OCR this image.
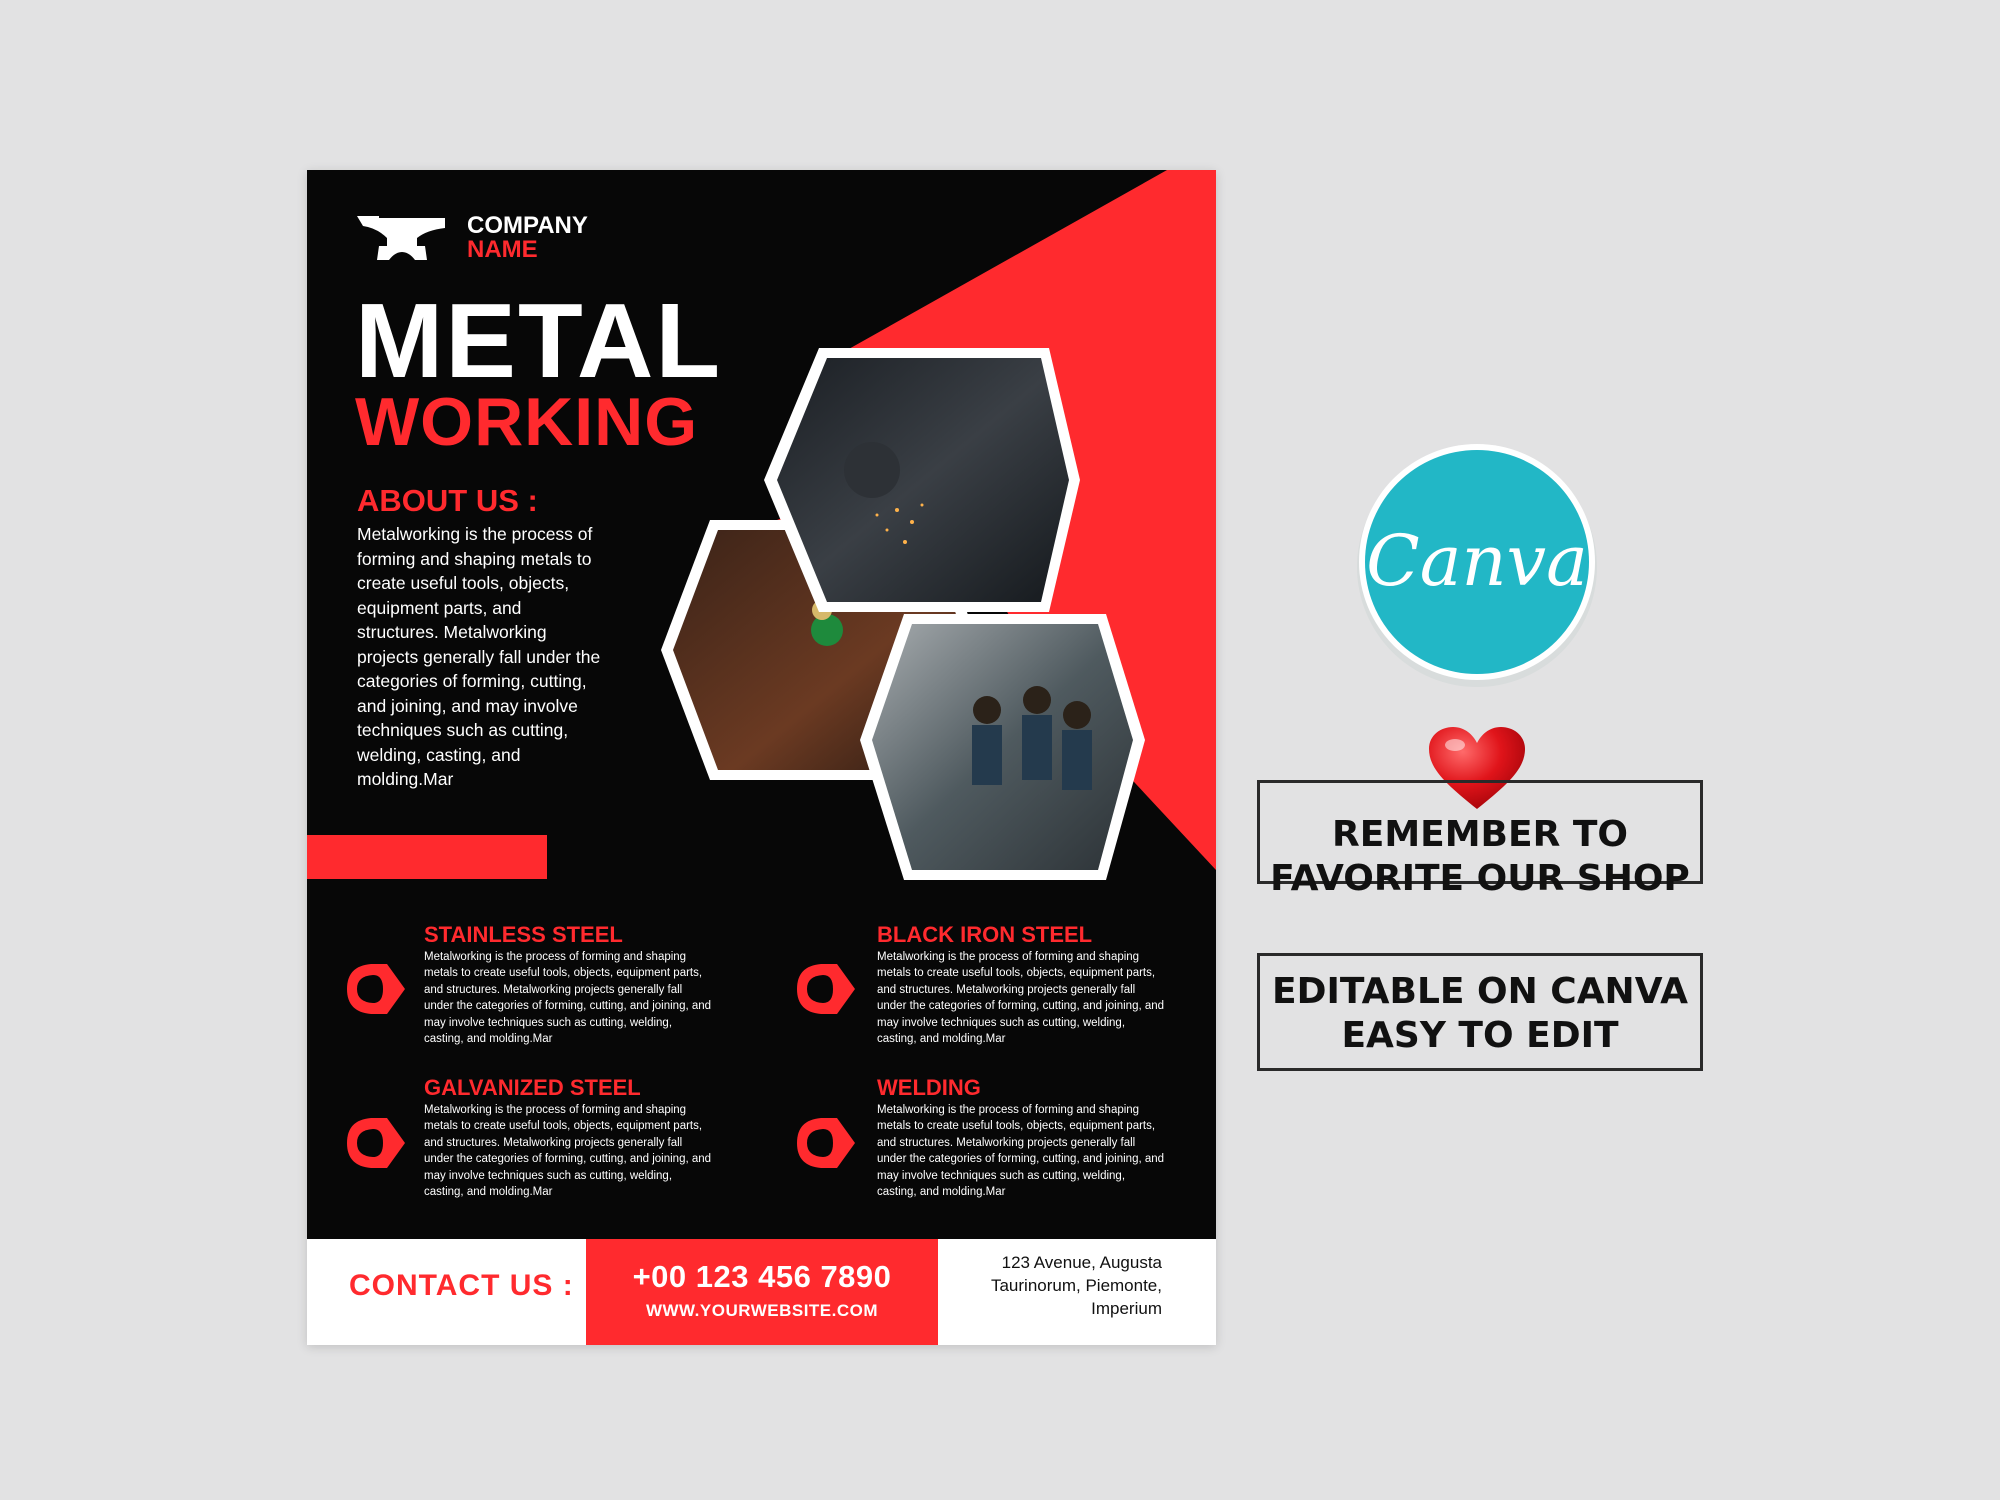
COMPANY
NAME
METAL
WORKING
ABOUT US :
Metalworking is the process of forming and shaping metals to create useful tools, objects, equipment parts, and structures. Metalworking projects generally fall under the categories of forming, cutting, and joining, and may involve techniques such as cutting, welding, casting, and molding.Mar
STAINLESS STEEL

Metalworking is the process of forming and shaping metals to create useful tools, objects, equipment parts, and structures. Metalworking projects generally fall under the categories of forming, cutting, and joining, and may involve techniques such as cutting, welding, casting, and molding.Mar

BLACK IRON STEEL

Metalworking is the process of forming and shaping metals to create useful tools, objects, equipment parts, and structures. Metalworking projects generally fall under the categories of forming, cutting, and joining, and may involve techniques such as cutting, welding, casting, and molding.Mar

GALVANIZED STEEL

Metalworking is the process of forming and shaping metals to create useful tools, objects, equipment parts, and structures. Metalworking projects generally fall under the categories of forming, cutting, and joining, and may involve techniques such as cutting, welding, casting, and molding.Mar

WELDING

Metalworking is the process of forming and shaping metals to create useful tools, objects, equipment parts, and structures. Metalworking projects generally fall under the categories of forming, cutting, and joining, and may involve techniques such as cutting, welding, casting, and molding.Mar

CONTACT US :	+00 123 456 7890
WWW.YOURWEBSITE.COM
123 Avenue, Augusta
Taurinorum, Piemonte,
Imperium
Canva
REMEMBER TO
FAVORITE OUR SHOP
EDITABLE ON CANVA
EASY TO EDIT
